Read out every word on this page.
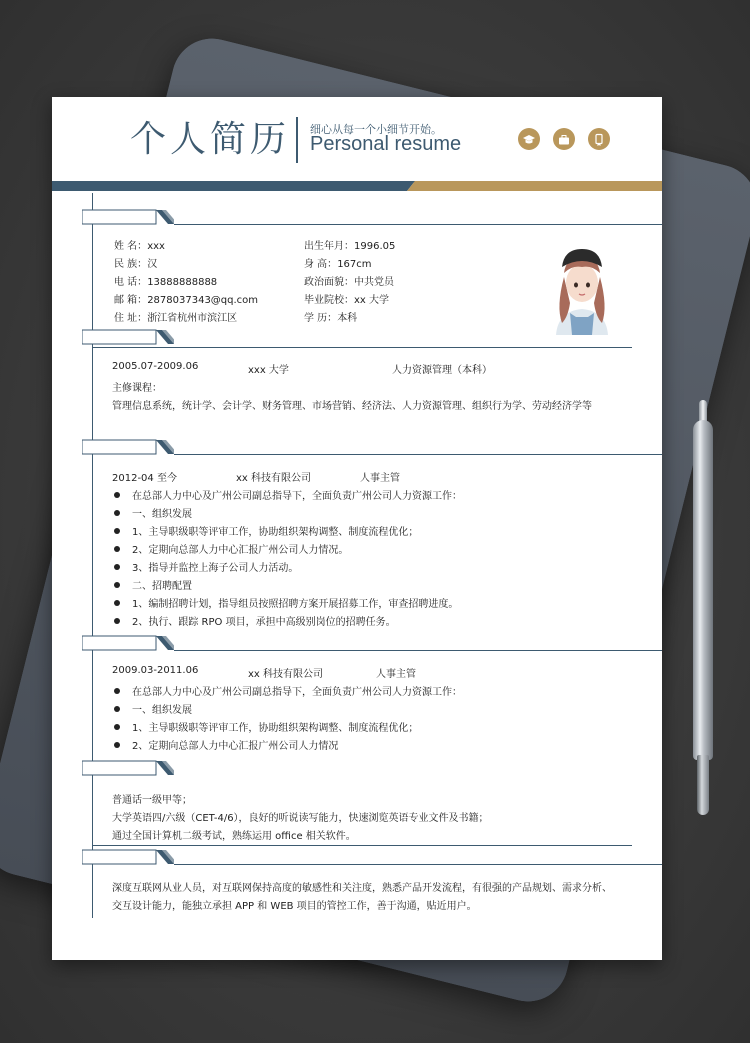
个人简历 细心从每一个小细节开始。
Personal resume
姓 名：xxx
民 族：汉
电 话：13888888888
邮 箱：2878037343@qq.com
住 址：浙江省杭州市滨江区
出生年月：1996.05
身 高：167cm
政治面貌：中共党员
毕业院校：xx 大学
学 历：本科
2005.07-2009.06	xxx 大学	人力资源管理（本科）
主修课程：
管理信息系统，统计学、会计学、财务管理、市场营销、经济法、人力资源管理、组织行为学、劳动经济学等
2012-04 至今	xx 科技有限公司	人事主管
在总部人力中心及广州公司副总指导下，全面负责广州公司人力资源工作：
一、组织发展
1、主导职级职等评审工作，协助组织架构调整、制度流程优化；
2、定期向总部人力中心汇报广州公司人力情况。
3、指导并监控上海子公司人力活动。
二、招聘配置
1、编制招聘计划，指导组员按照招聘方案开展招募工作，审查招聘进度。
2、执行、跟踪 RPO 项目，承担中高级别岗位的招聘任务。
2009.03-2011.06	xx 科技有限公司	人事主管
在总部人力中心及广州公司副总指导下，全面负责广州公司人力资源工作：
一、组织发展
1、主导职级职等评审工作，协助组织架构调整、制度流程优化；
2、定期向总部人力中心汇报广州公司人力情况
普通话一级甲等；
大学英语四/六级（CET-4/6），良好的听说读写能力，快速浏览英语专业文件及书籍；
通过全国计算机二级考试，熟练运用 office 相关软件。
深度互联网从业人员，对互联网保持高度的敏感性和关注度，熟悉产品开发流程，有很强的产品规划、需求分析、
交互设计能力，能独立承担 APP 和 WEB 项目的管控工作，善于沟通，贴近用户。
